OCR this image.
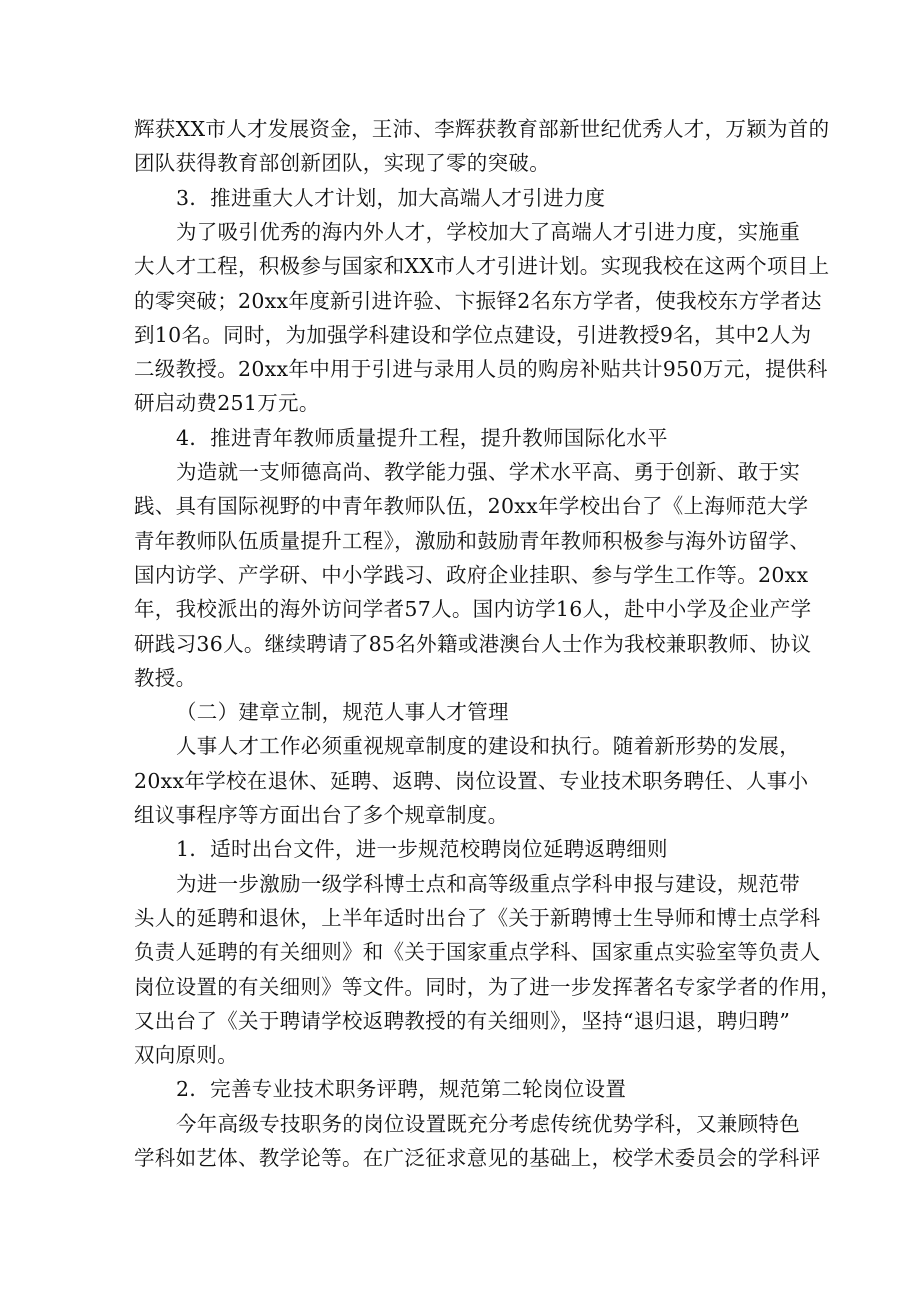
辉获XX市人才发展资金，王沛、李辉获教育部新世纪优秀人才，万颖为首的
团队获得教育部创新团队，实现了零的突破。
3．推进重大人才计划，加大高端人才引进力度
为了吸引优秀的海内外人才，学校加大了高端人才引进力度，实施重
大人才工程，积极参与国家和XX市人才引进计划。实现我校在这两个项目上
的零突破；20xx年度新引进许验、卞振铎2名东方学者，使我校东方学者达
到10名。同时，为加强学科建设和学位点建设，引进教授9名，其中2人为
二级教授。20xx年中用于引进与录用人员的购房补贴共计950万元，提供科
研启动费251万元。
4．推进青年教师质量提升工程，提升教师国际化水平
为造就一支师德高尚、教学能力强、学术水平高、勇于创新、敢于实
践、具有国际视野的中青年教师队伍，20xx年学校出台了《上海师范大学
青年教师队伍质量提升工程》，激励和鼓励青年教师积极参与海外访留学、
国内访学、产学研、中小学践习、政府企业挂职、参与学生工作等。20xx
年，我校派出的海外访问学者57人。国内访学16人，赴中小学及企业产学
研践习36人。继续聘请了85名外籍或港澳台人士作为我校兼职教师、协议
教授。
（二）建章立制，规范人事人才管理
人事人才工作必须重视规章制度的建设和执行。随着新形势的发展，
20xx年学校在退休、延聘、返聘、岗位设置、专业技术职务聘任、人事小
组议事程序等方面出台了多个规章制度。
1．适时出台文件，进一步规范校聘岗位延聘返聘细则
为进一步激励一级学科博士点和高等级重点学科申报与建设，规范带
头人的延聘和退休，上半年适时出台了《关于新聘博士生导师和博士点学科
负责人延聘的有关细则》和《关于国家重点学科、国家重点实验室等负责人
岗位设置的有关细则》等文件。同时，为了进一步发挥著名专家学者的作用，
又出台了《关于聘请学校返聘教授的有关细则》，坚持“退归退，聘归聘”
双向原则。
2．完善专业技术职务评聘，规范第二轮岗位设置
今年高级专技职务的岗位设置既充分考虑传统优势学科，又兼顾特色
学科如艺体、教学论等。在广泛征求意见的基础上，校学术委员会的学科评
